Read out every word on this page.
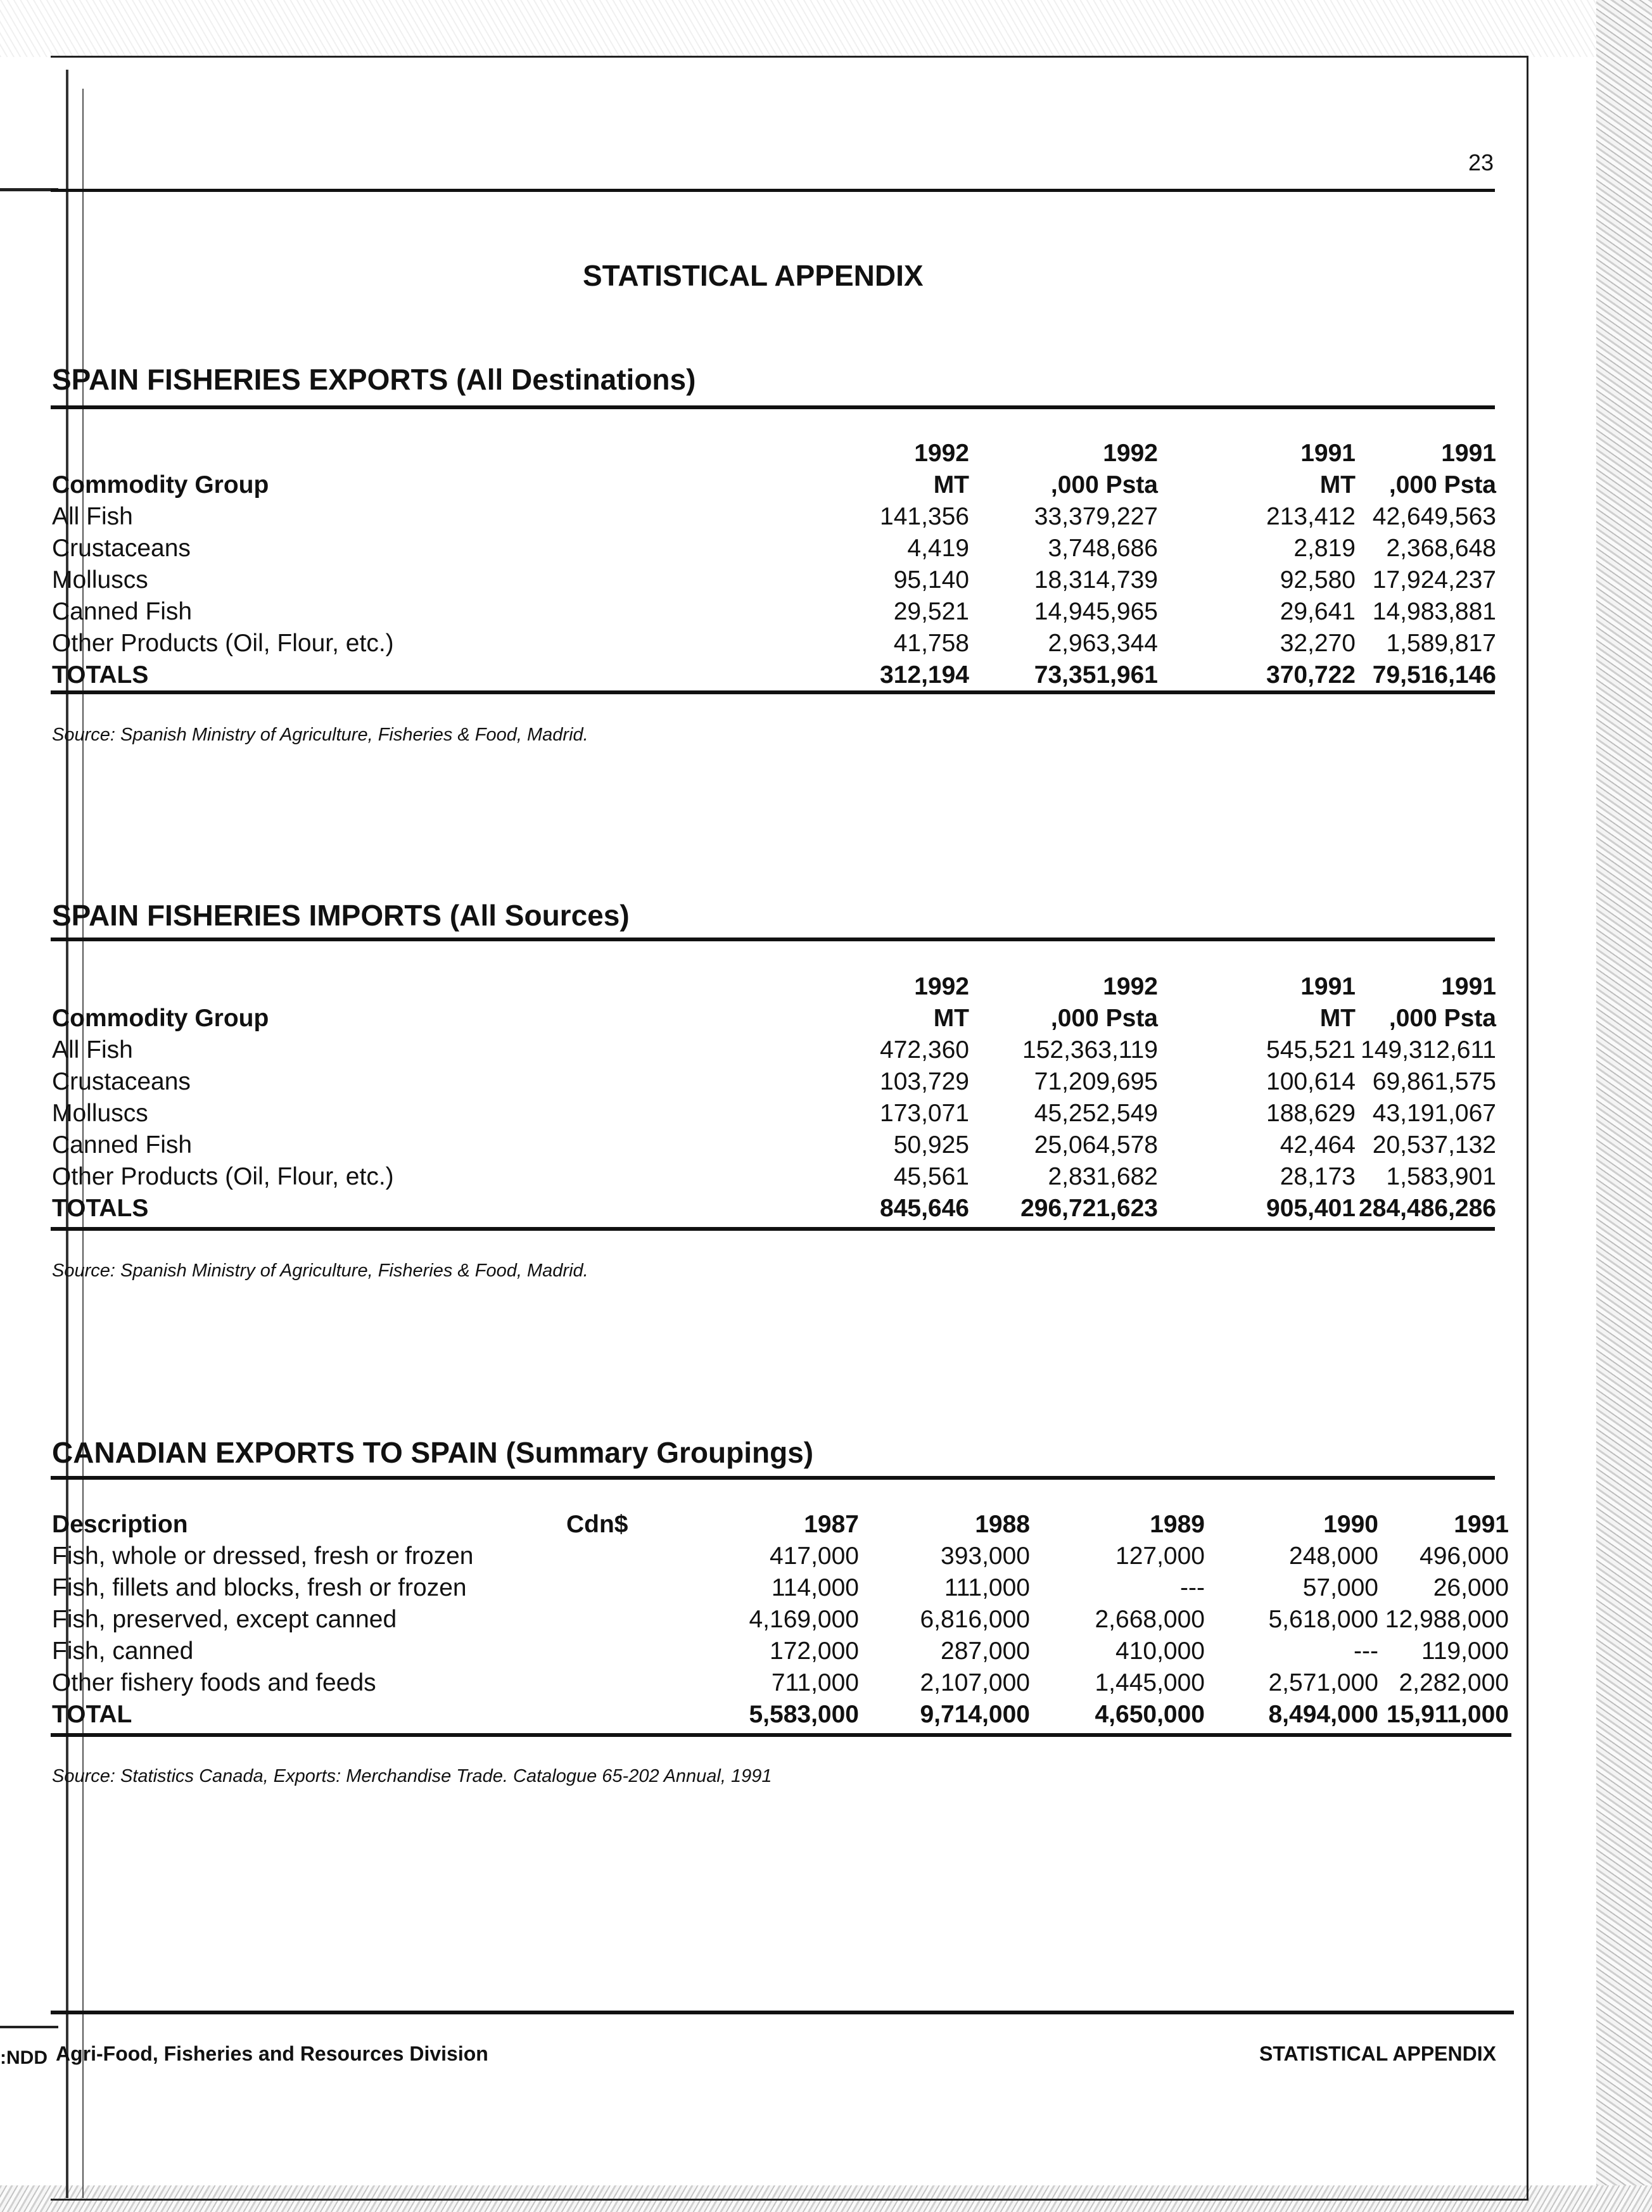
23
STATISTICAL APPENDIX
SPAIN FISHERIES EXPORTS (All Destinations)
1992	1992	1991	1991
Commodity Group	MT	,000 Psta	MT ,000 Psta
All Fish	141,356	33,379,227	213,412 42,649,563
Crustaceans	4,419	3,748,686	2,819 2,368,648
Molluscs	95,140	18,314,739	92,580 17,924,237
Canned Fish	29,521	14,945,965	29,641 14,983,881
Other Products (Oil, Flour, etc.)	41,758	2,963,344	32,270 1,589,817
TOTALS	312,194	73,351,961	370,722 79,516,146
Source: Spanish Ministry of Agriculture, Fisheries & Food, Madrid.
SPAIN FISHERIES IMPORTS (All Sources)
1992	1992	1991	1991
Commodity Group	MT	,000 Psta	MT ,000 Psta
All Fish	472,360 152,363,119	545,521 149,312,611
Crustaceans	103,729	71,209,695	100,614 69,861,575
Molluscs	173,071	45,252,549	188,629 43,191,067
Canned Fish	50,925	25,064,578	42,464 20,537,132
Other Products (Oil, Flour, etc.)	45,561	2,831,682	28,173 1,583,901
TOTALS	845,646 296,721,623	905,401 284,486,286
Source: Spanish Ministry of Agriculture, Fisheries & Food, Madrid.
CANADIAN EXPORTS TO SPAIN (Summary Groupings)
Description	Cdn$	1987	1988	1989	1990	1991
Fish, whole or dressed, fresh or frozen	417,000	393,000	127,000	248,000 496,000
Fish, fillets and blocks, fresh or frozen	114,000	111,000	---	57,000 26,000
Fish, preserved, except canned	4,169,000 6,816,000	2,668,000	5,618,000 12,988,000
Fish, canned	172,000	287,000	410,000	--- 119,000
Other fishery foods and feeds	711,000 2,107,000	1,445,000	2,571,000 2,282,000
TOTAL	5,583,000 9,714,000	4,650,000	8,494,000 15,911,000
Source: Statistics Canada, Exports: Merchandise Trade. Catalogue 65-202 Annual, 1991
:NDD Agri-Food, Fisheries and Resources Division	STATISTICAL APPENDIX
